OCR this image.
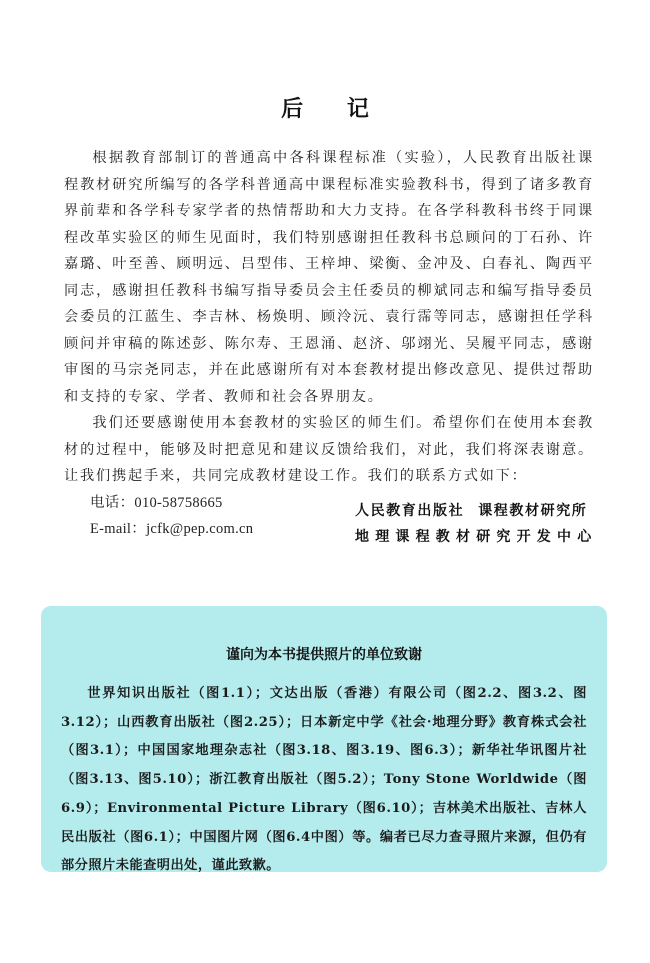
后 记

根据教育部制订的普通高中各科课程标准（实验），人民教育出版社课程教材研究所编写的各学科普通高中课程标准实验教科书，得到了诸多教育界前辈和各学科专家学者的热情帮助和大力支持。在各学科教科书终于同课程改革实验区的师生见面时，我们特别感谢担任教科书总顾问的丁石孙、许嘉璐、叶至善、顾明远、吕型伟、王梓坤、梁衡、金冲及、白春礼、陶西平同志，感谢担任教科书编写指导委员会主任委员的柳斌同志和编写指导委员会委员的江蓝生、李吉林、杨焕明、顾泠沅、袁行霈等同志，感谢担任学科顾问并审稿的陈述彭、陈尔寿、王恩涌、赵济、邬翊光、吴履平同志，感谢审图的马宗尧同志，并在此感谢所有对本套教材提出修改意见、提供过帮助和支持的专家、学者、教师和社会各界朋友。

我们还要感谢使用本套教材的实验区的师生们。希望你们在使用本套教材的过程中，能够及时把意见和建议反馈给我们，对此，我们将深表谢意。让我们携起手来，共同完成教材建设工作。我们的联系方式如下：

电话：010-58758665
E-mail：jcfk@pep.com.cn
人民教育出版社 课程教材研究所
地理课程教材研究开发中心
谨向为本书提供照片的单位致谢

世界知识出版社（图1.1）；文达出版（香港）有限公司（图2.2、图3.2、图3.12）；山西教育出版社（图2.25）；日本新定中学《社会·地理分野》教育株式会社（图3.1）；中国国家地理杂志社（图3.18、图3.19、图6.3）；新华社华讯图片社（图3.13、图5.10）；浙江教育出版社（图5.2）；Tony Stone Worldwide（图6.9）；Environmental Picture Library（图6.10）；吉林美术出版社、吉林人民出版社（图6.1）；中国图片网（图6.4中图）等。编者已尽力查寻照片来源，但仍有部分照片未能查明出处，谨此致歉。
